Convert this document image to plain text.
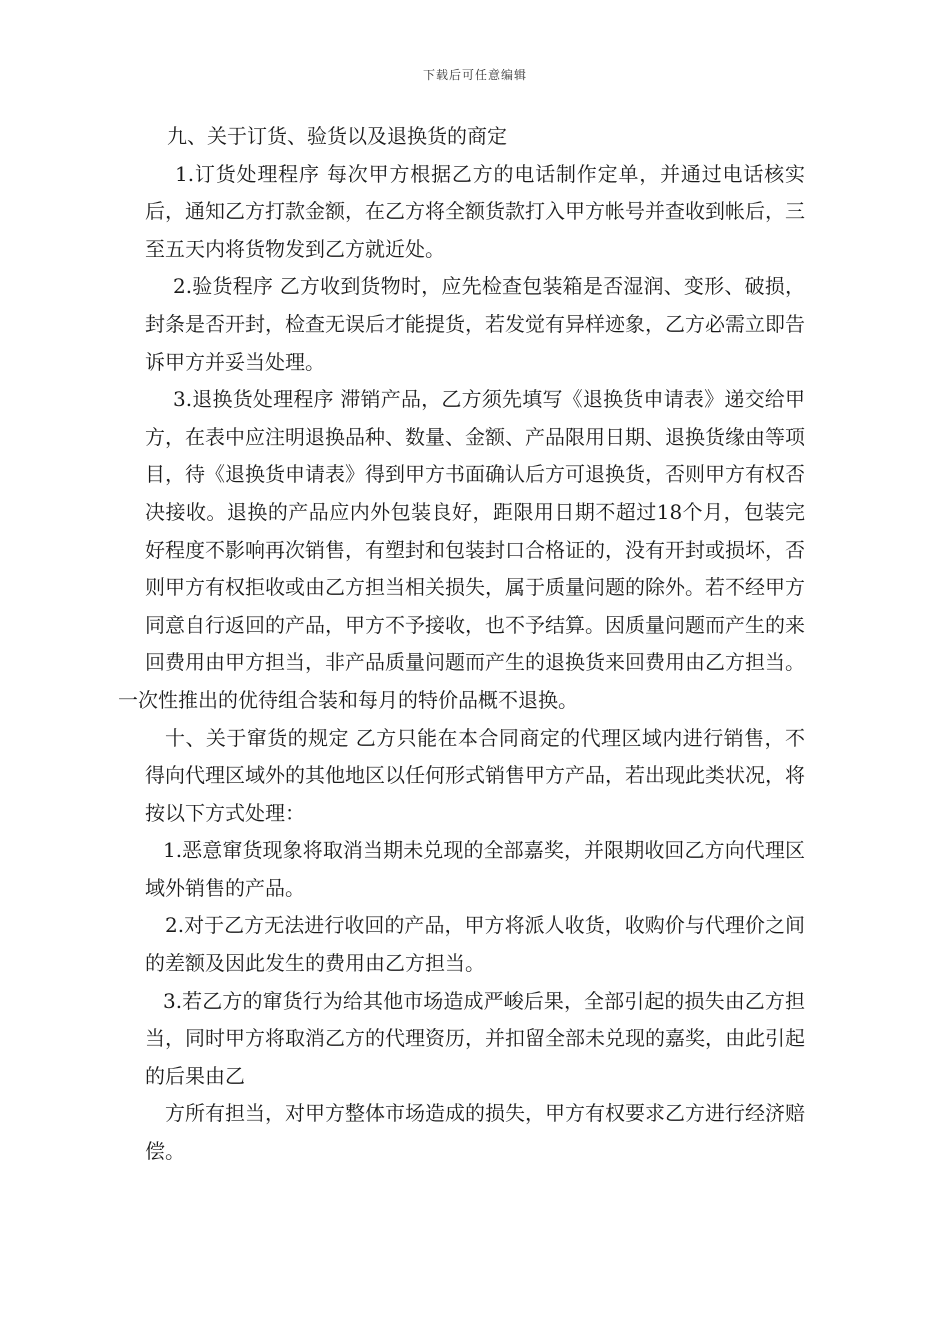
下载后可任意编辑

九、关于订货、验货以及退换货的商定

1.订货处理程序 每次甲方根据乙方的电话制作定单，并通过电话核实后，通知乙方打款金额，在乙方将全额货款打入甲方帐号并查收到帐后，三至五天内将货物发到乙方就近处。

2.验货程序 乙方收到货物时，应先检查包装箱是否湿润、变形、破损，封条是否开封，检查无误后才能提货，若发觉有异样迹象，乙方必需立即告诉甲方并妥当处理。

3.退换货处理程序 滞销产品，乙方须先填写《退换货申请表》递交给甲方，在表中应注明退换品种、数量、金额、产品限用日期、退换货缘由等项目，待《退换货申请表》得到甲方书面确认后方可退换货，否则甲方有权否决接收。退换的产品应内外包装良好，距限用日期不超过18个月，包装完好程度不影响再次销售，有塑封和包装封口合格证的，没有开封或损坏，否则甲方有权拒收或由乙方担当相关损失，属于质量问题的除外。若不经甲方同意自行返回的产品，甲方不予接收，也不予结算。因质量问题而产生的来回费用由甲方担当，非产品质量问题而产生的退换货来回费用由乙方担当。

一次性推出的优待组合装和每月的特价品概不退换。

十、关于窜货的规定 乙方只能在本合同商定的代理区域内进行销售，不得向代理区域外的其他地区以任何形式销售甲方产品，若出现此类状况，将按以下方式处理：

1.恶意窜货现象将取消当期未兑现的全部嘉奖，并限期收回乙方向代理区域外销售的产品。

2.对于乙方无法进行收回的产品，甲方将派人收货，收购价与代理价之间的差额及因此发生的费用由乙方担当。

3.若乙方的窜货行为给其他市场造成严峻后果，全部引起的损失由乙方担当，同时甲方将取消乙方的代理资历，并扣留全部未兑现的嘉奖，由此引起的后果由乙

方所有担当，对甲方整体市场造成的损失，甲方有权要求乙方进行经济赔偿。
